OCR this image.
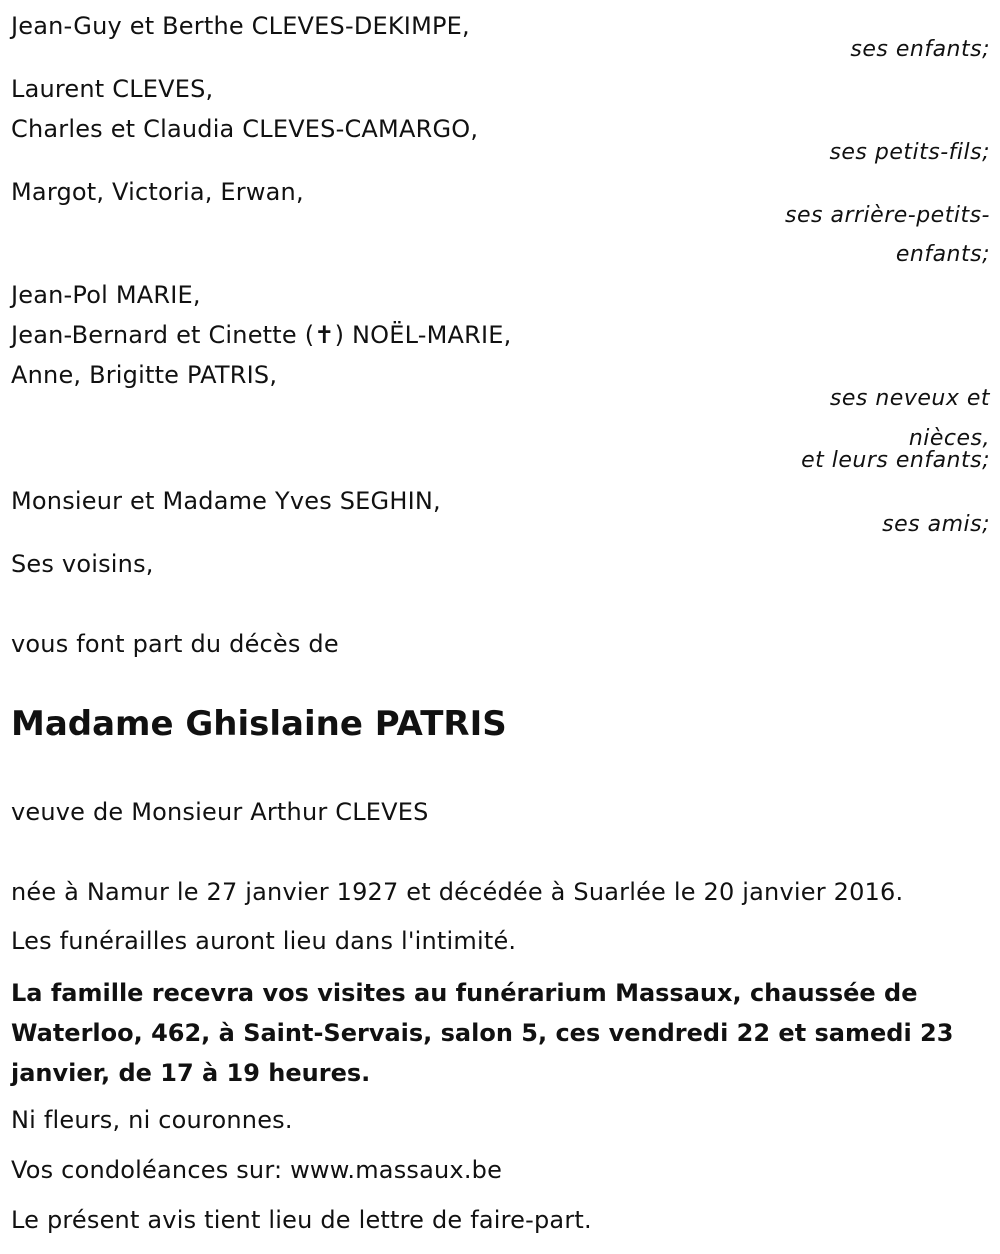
Jean-Guy et Berthe CLEVES-DEKIMPE,
ses enfants;
Laurent CLEVES,
Charles et Claudia CLEVES-CAMARGO,
ses petits-fils;
Margot, Victoria, Erwan,
ses arrière-petits-
enfants;
Jean-Pol MARIE,
Jean-Bernard et Cinette (✝) NOËL-MARIE,
Anne, Brigitte PATRIS,
ses neveux et
nièces,
et leurs enfants;
Monsieur et Madame Yves SEGHIN,
ses amis;
Ses voisins,
vous font part du décès de
Madame Ghislaine PATRIS
veuve de Monsieur Arthur CLEVES
née à Namur le 27 janvier 1927 et décédée à Suarlée le 20 janvier 2016.
Les funérailles auront lieu dans l'intimité.
La famille recevra vos visites au funérarium Massaux, chaussée de
Waterloo, 462, à Saint-Servais, salon 5, ces vendredi 22 et samedi 23
janvier, de 17 à 19 heures.
Ni fleurs, ni couronnes.
Vos condoléances sur: www.massaux.be
Le présent avis tient lieu de lettre de faire-part.
